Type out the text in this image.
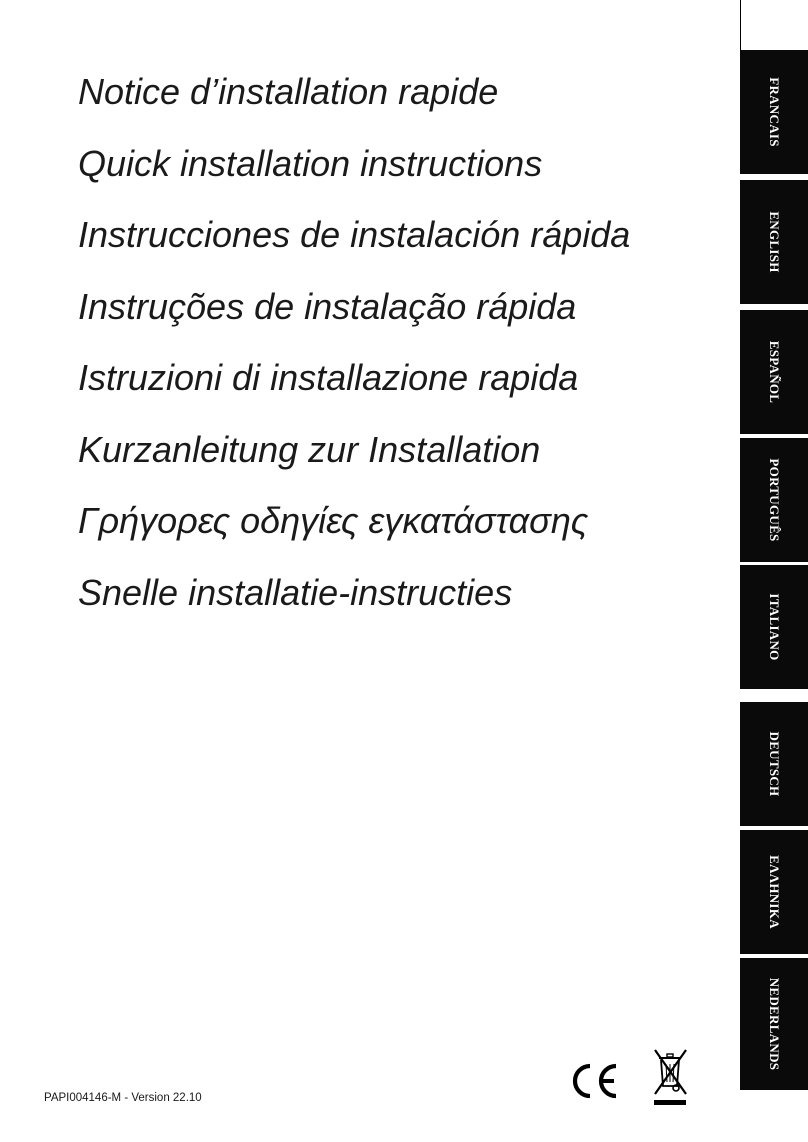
Notice d’installation rapide
Quick installation instructions
Instrucciones de instalación rápida
Instruções de instalação rápida
Istruzioni di installazione rapida
Kurzanleitung zur Installation
Γρήγορες οδηγίες εγκατάστασης
Snelle installatie-instructies
FRANCAIS
ENGLISH
ESPAÑOL
PORTUGUÊS
ITALIANO
DEUTSCH
ΕΛΛΗΝΙΚΑ
NEDERLANDS
PAPI004146-M - Version 22.10
